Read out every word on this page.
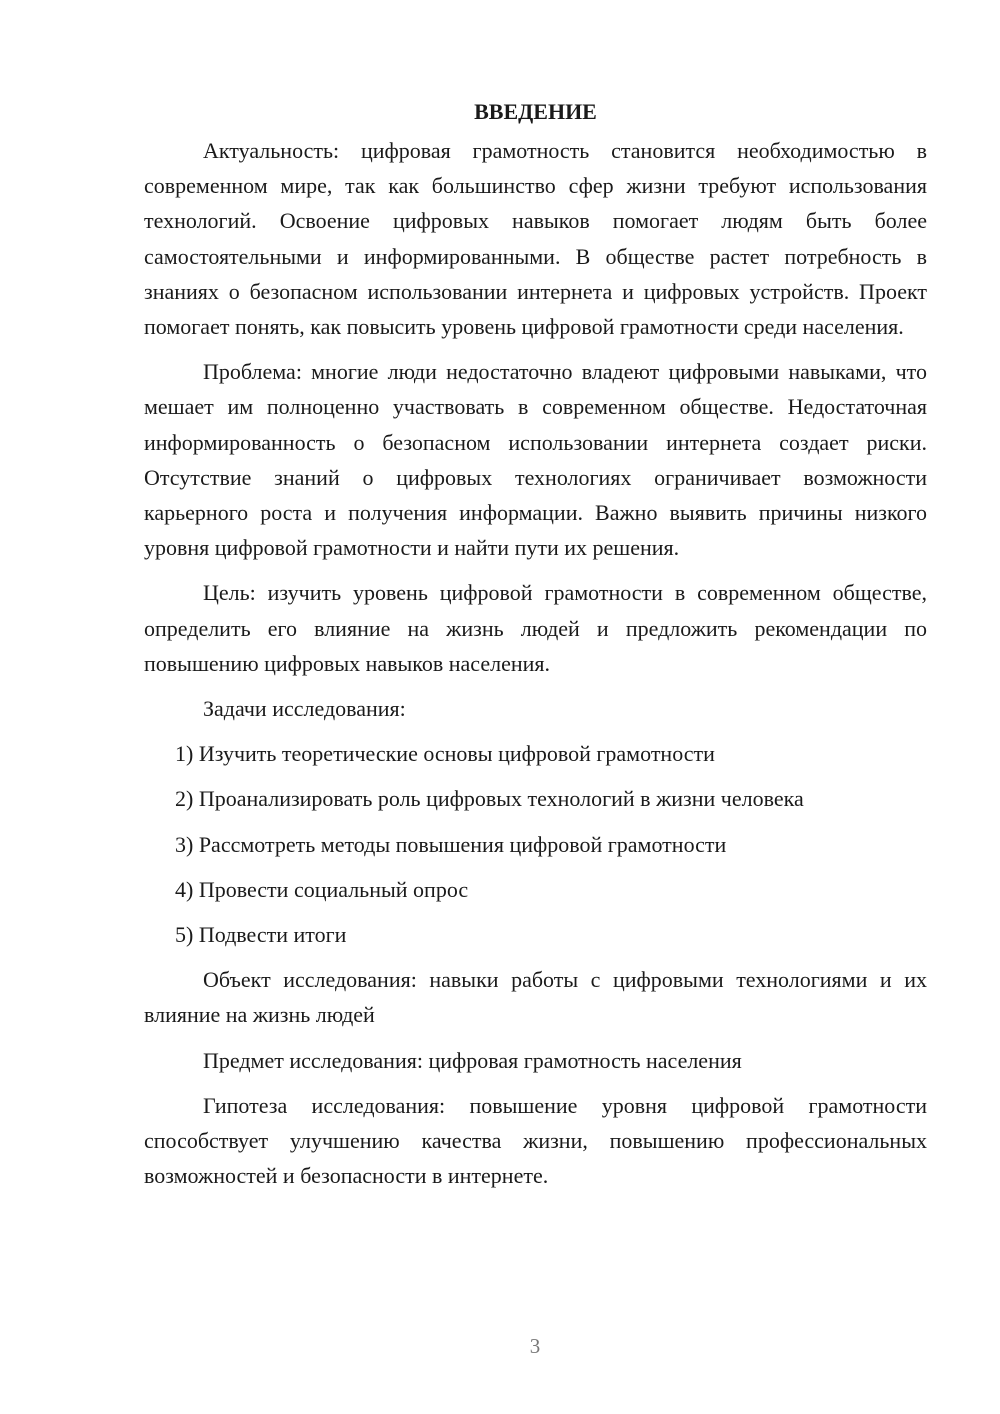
ВВЕДЕНИЕ

Актуальность: цифровая грамотность становится необходимостью в современном мире, так как большинство сфер жизни требуют использования технологий. Освоение цифровых навыков помогает людям быть более самостоятельными и информированными. В обществе растет потребность в знаниях о безопасном использовании интернета и цифровых устройств. Проект помогает понять, как повысить уровень цифровой грамотности среди населения.

Проблема: многие люди недостаточно владеют цифровыми навыками, что мешает им полноценно участвовать в современном обществе. Недостаточная информированность о безопасном использовании интернета создает риски. Отсутствие знаний о цифровых технологиях ограничивает возможности карьерного роста и получения информации. Важно выявить причины низкого уровня цифровой грамотности и найти пути их решения.

Цель: изучить уровень цифровой грамотности в современном обществе, определить его влияние на жизнь людей и предложить рекомендации по повышению цифровых навыков населения.

Задачи исследования:

1) Изучить теоретические основы цифровой грамотности
2) Проанализировать роль цифровых технологий в жизни человека
3) Рассмотреть методы повышения цифровой грамотности
4) Провести социальный опрос
5) Подвести итоги

Объект исследования: навыки работы с цифровыми технологиями и их влияние на жизнь людей

Предмет исследования: цифровая грамотность населения

Гипотеза исследования: повышение уровня цифровой грамотности способствует улучшению качества жизни, повышению профессиональных возможностей и безопасности в интернете.

3
